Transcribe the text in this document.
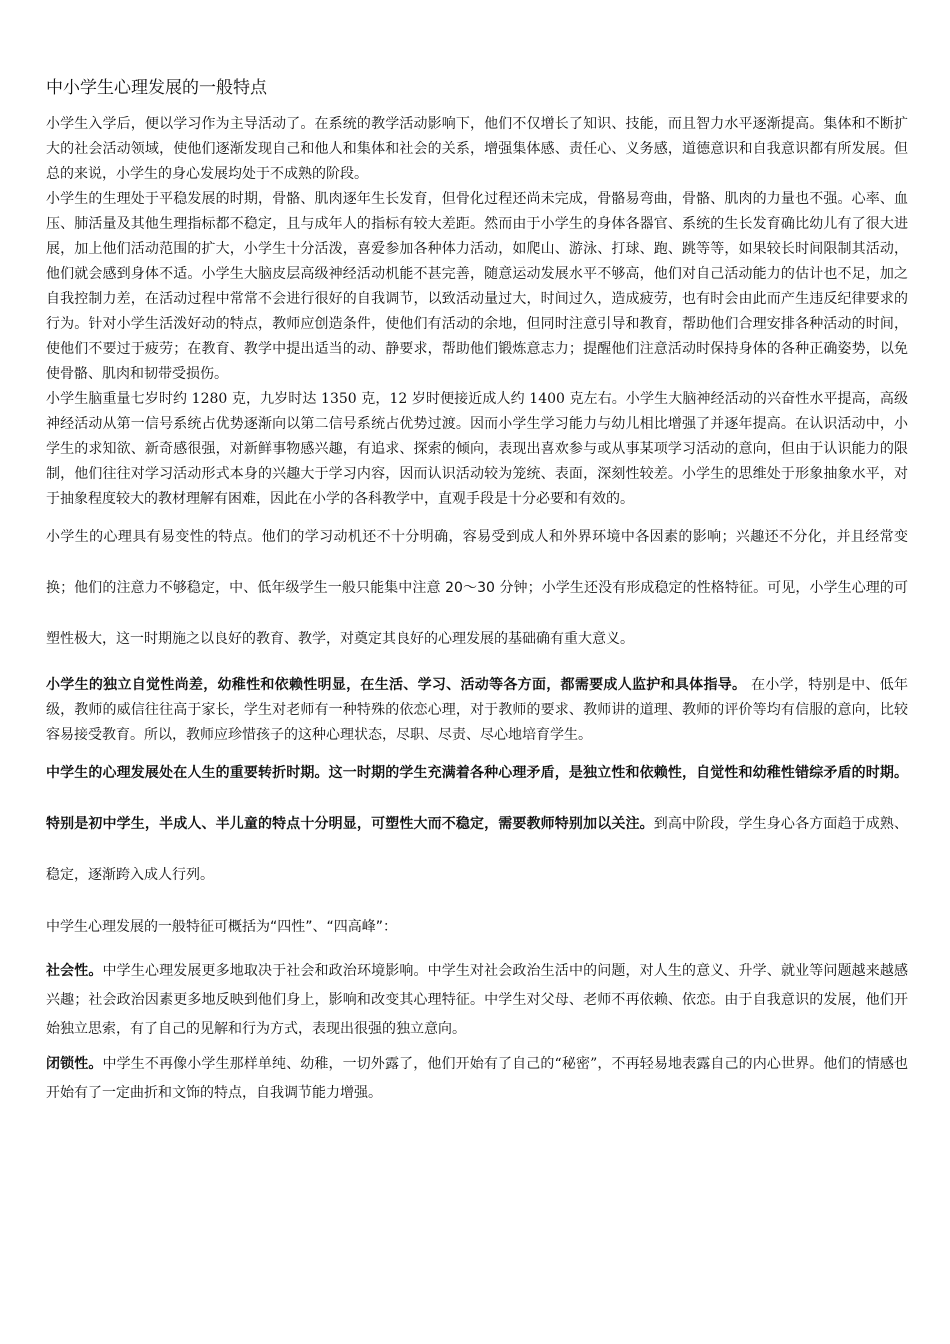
中小学生心理发展的一般特点

小学生入学后，便以学习作为主导活动了。在系统的教学活动影响下，他们不仅增长了知识、技能，而且智力水平逐渐提高。集体和不断扩大的社会活动领域，使他们逐渐发现自己和他人和集体和社会的关系，增强集体感、责任心、义务感，道德意识和自我意识都有所发展。但总的来说，小学生的身心发展均处于不成熟的阶段。

小学生的生理处于平稳发展的时期，骨骼、肌肉逐年生长发育，但骨化过程还尚未完成，骨骼易弯曲，骨骼、肌肉的力量也不强。心率、血压、肺活量及其他生理指标都不稳定，且与成年人的指标有较大差距。然而由于小学生的身体各器官、系统的生长发育确比幼儿有了很大进展，加上他们活动范围的扩大，小学生十分活泼，喜爱参加各种体力活动，如爬山、游泳、打球、跑、跳等等，如果较长时间限制其活动，他们就会感到身体不适。小学生大脑皮层高级神经活动机能不甚完善，随意运动发展水平不够高，他们对自己活动能力的估计也不足，加之自我控制力差，在活动过程中常常不会进行很好的自我调节，以致活动量过大，时间过久，造成疲劳，也有时会由此而产生违反纪律要求的行为。针对小学生活泼好动的特点，教师应创造条件，使他们有活动的余地，但同时注意引导和教育，帮助他们合理安排各种活动的时间，使他们不要过于疲劳；在教育、教学中提出适当的动、静要求，帮助他们锻炼意志力；提醒他们注意活动时保持身体的各种正确姿势，以免使骨骼、肌肉和韧带受损伤。

小学生脑重量七岁时约 1280 克，九岁时达 1350 克，12 岁时便接近成人约 1400 克左右。小学生大脑神经活动的兴奋性水平提高，高级神经活动从第一信号系统占优势逐渐向以第二信号系统占优势过渡。因而小学生学习能力与幼儿相比增强了并逐年提高。在认识活动中，小学生的求知欲、新奇感很强，对新鲜事物感兴趣，有追求、探索的倾向，表现出喜欢参与或从事某项学习活动的意向，但由于认识能力的限制，他们往往对学习活动形式本身的兴趣大于学习内容，因而认识活动较为笼统、表面，深刻性较差。小学生的思维处于形象抽象水平，对于抽象程度较大的教材理解有困难，因此在小学的各科教学中，直观手段是十分必要和有效的。

小学生的心理具有易变性的特点。他们的学习动机还不十分明确，容易受到成人和外界环境中各因素的影响；兴趣还不分化，并且经常变换；他们的注意力不够稳定，中、低年级学生一般只能集中注意 20～30 分钟；小学生还没有形成稳定的性格特征。可见，小学生心理的可塑性极大，这一时期施之以良好的教育、教学，对奠定其良好的心理发展的基础确有重大意义。

小学生的独立自觉性尚差，幼稚性和依赖性明显，在生活、学习、活动等各方面，都需要成人监护和具体指导。 在小学，特别是中、低年级，教师的威信往往高于家长，学生对老师有一种特殊的依恋心理，对于教师的要求、教师讲的道理、教师的评价等均有信服的意向，比较容易接受教育。所以，教师应珍惜孩子的这种心理状态，尽职、尽责、尽心地培育学生。

中学生的心理发展处在人生的重要转折时期。这一时期的学生充满着各种心理矛盾，是独立性和依赖性，自觉性和幼稚性错综矛盾的时期。特别是初中学生，半成人、半儿童的特点十分明显，可塑性大而不稳定，需要教师特别加以关注。到高中阶段，学生身心各方面趋于成熟、稳定，逐渐跨入成人行列。

中学生心理发展的一般特征可概括为“四性”、“四高峰”：

社会性。中学生心理发展更多地取决于社会和政治环境影响。中学生对社会政治生活中的问题，对人生的意义、升学、就业等问题越来越感兴趣；社会政治因素更多地反映到他们身上，影响和改变其心理特征。中学生对父母、老师不再依赖、依恋。由于自我意识的发展，他们开始独立思索，有了自己的见解和行为方式，表现出很强的独立意向。

闭锁性。中学生不再像小学生那样单纯、幼稚，一切外露了，他们开始有了自己的“秘密”，不再轻易地表露自己的内心世界。他们的情感也开始有了一定曲折和文饰的特点，自我调节能力增强。
